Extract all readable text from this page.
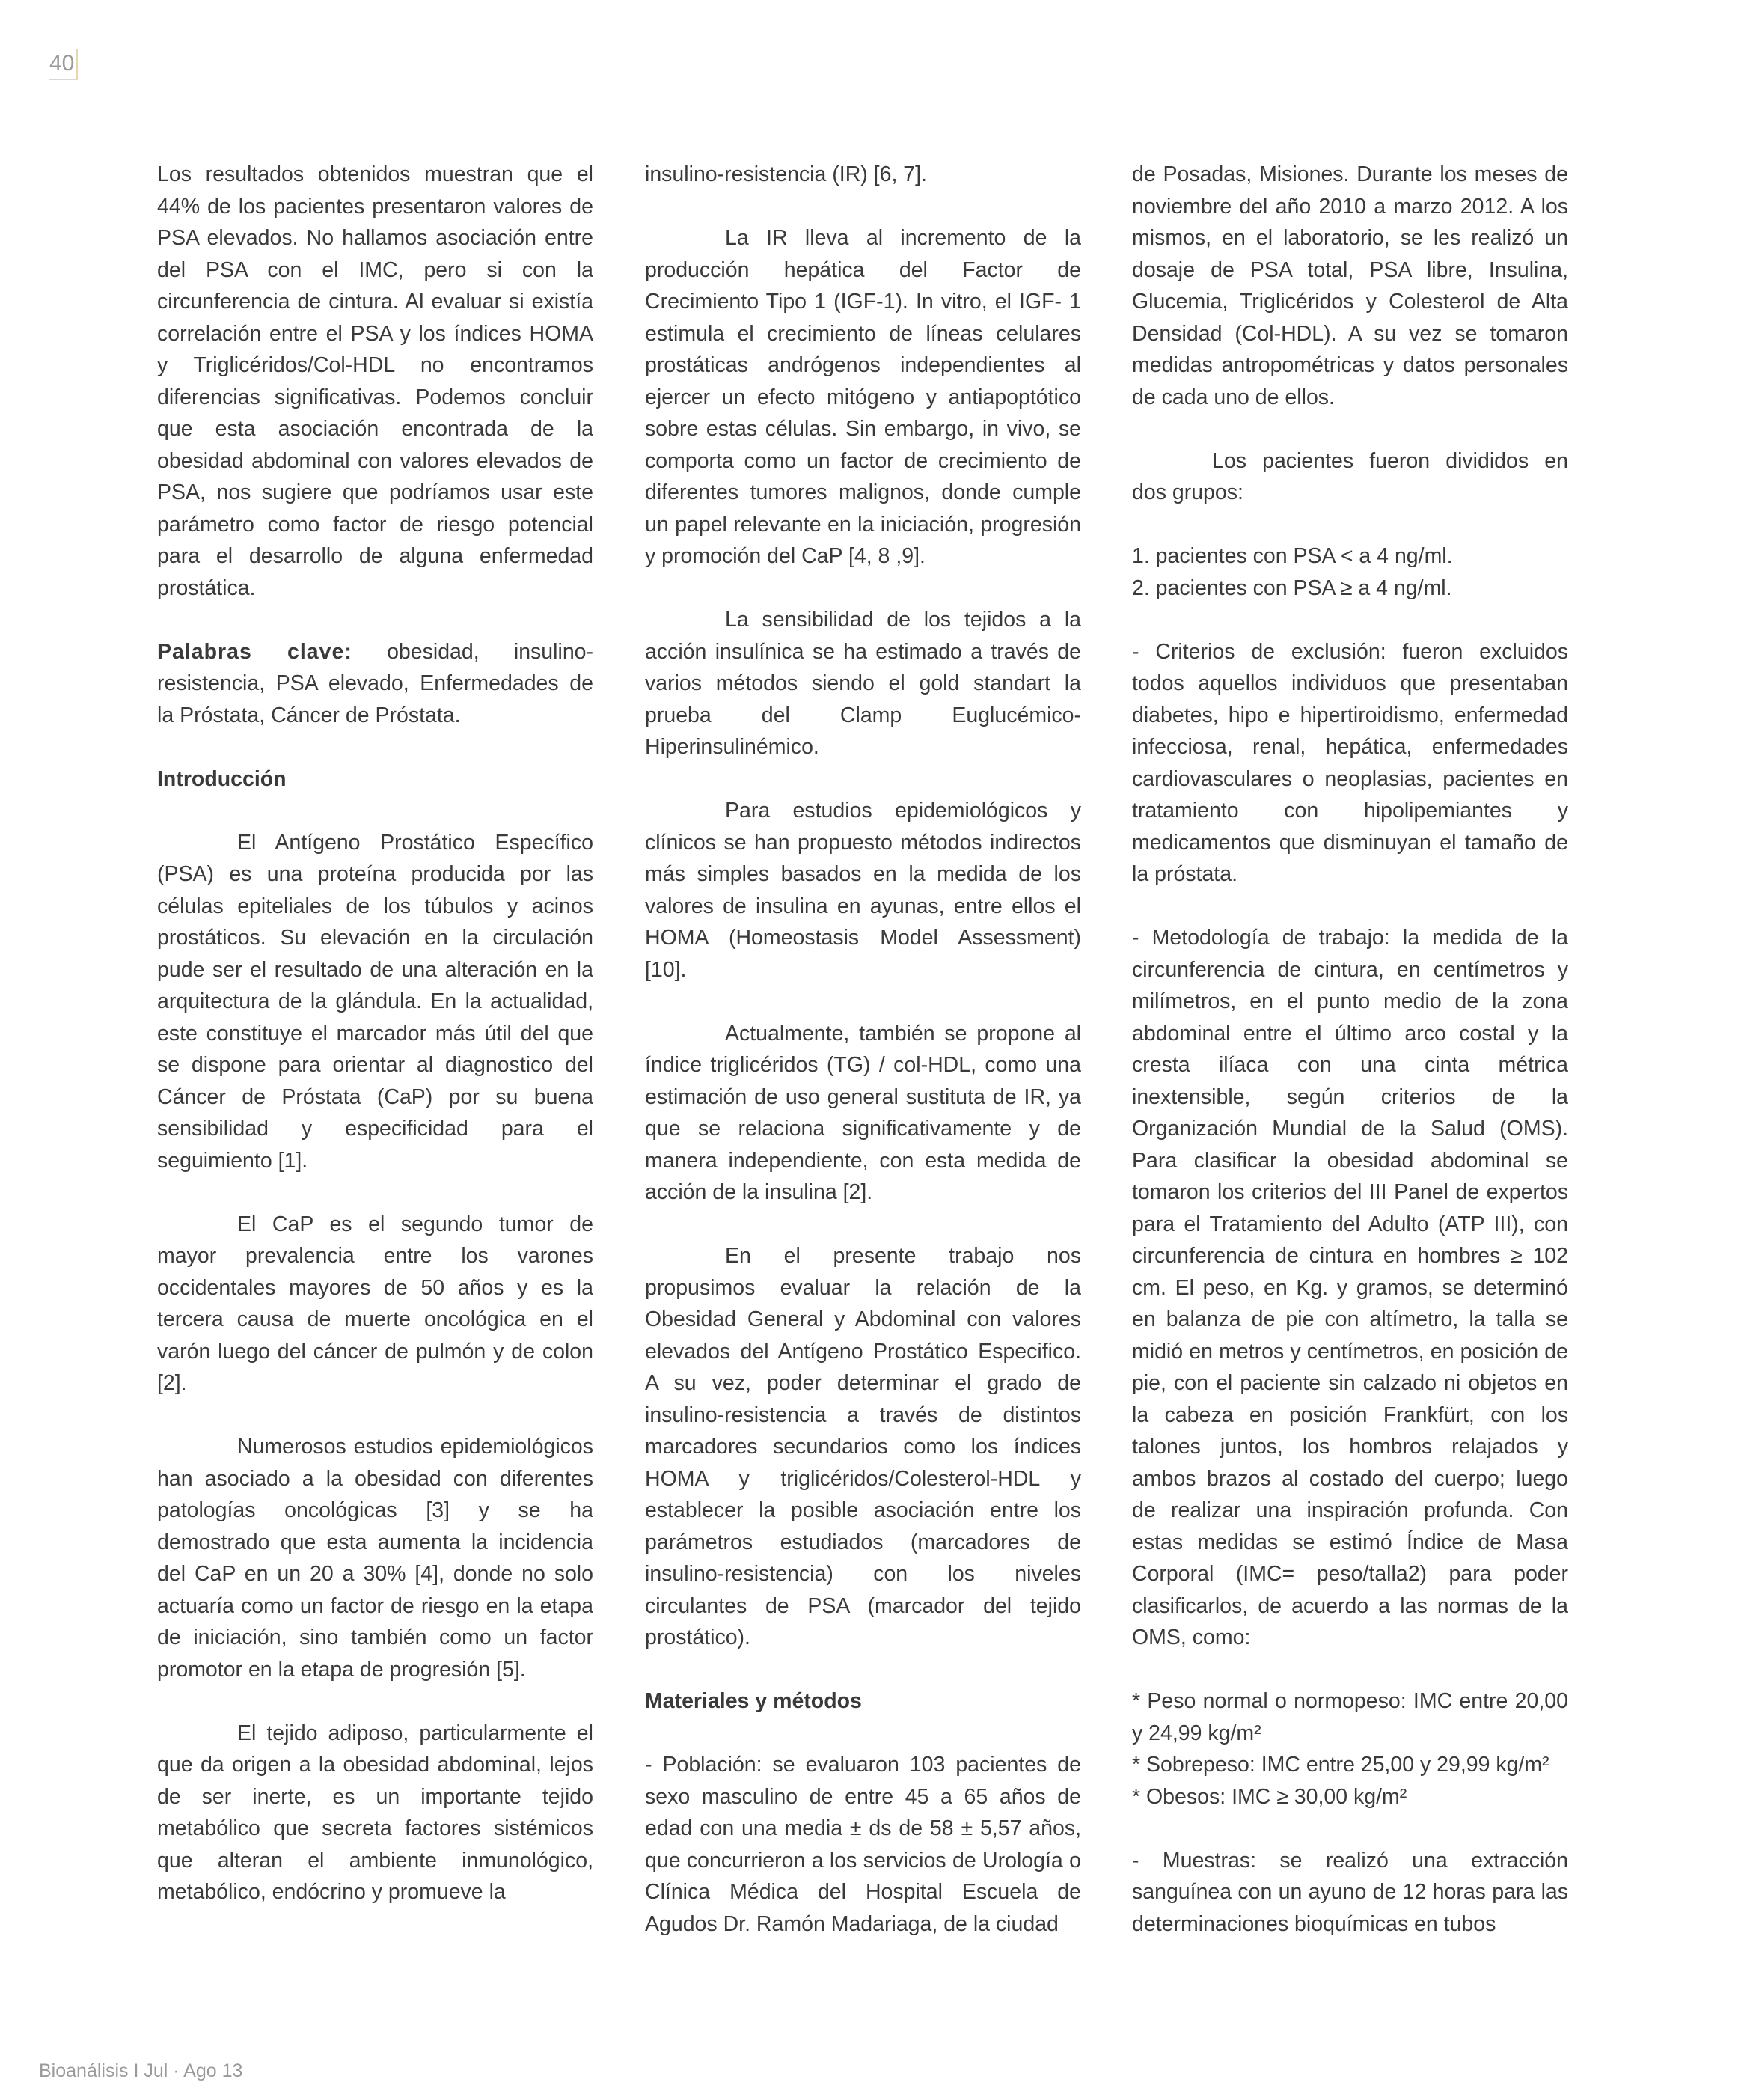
40

Los resultados obtenidos muestran que el 44% de los pacientes presentaron valores de PSA elevados. No hallamos asociación entre del PSA con el IMC, pero si con la circunferencia de cintura. Al evaluar si existía correlación entre el PSA y los índices HOMA y Triglicéridos/Col-HDL no encontramos diferencias significativas. Podemos concluir que esta asociación encontrada de la obesidad abdominal con valores elevados de PSA, nos sugiere que podríamos usar este parámetro como factor de riesgo potencial para el desarrollo de alguna enfermedad prostática.

Palabras clave: obesidad, insulino-resistencia, PSA elevado, Enfermedades de la Próstata, Cáncer de Próstata.

Introducción

El Antígeno Prostático Específico (PSA) es una proteína producida por las células epiteliales de los túbulos y acinos prostáticos. Su elevación en la circulación pude ser el resultado de una alteración en la arquitectura de la glándula. En la actualidad, este constituye el marcador más útil del que se dispone para orientar al diagnostico del Cáncer de Próstata (CaP) por su buena sensibilidad y especificidad para el seguimiento [1].

El CaP es el segundo tumor de mayor prevalencia entre los varones occidentales mayores de 50 años y es la tercera causa de muerte oncológica en el varón luego del cáncer de pulmón y de colon [2].

Numerosos estudios epidemiológicos han asociado a la obesidad con diferentes patologías oncológicas [3] y se ha demostrado que esta aumenta la incidencia del CaP en un 20 a 30% [4], donde no solo actuaría como un factor de riesgo en la etapa de iniciación, sino también como un factor promotor en la etapa de progresión [5].

El tejido adiposo, particularmente el que da origen a la obesidad abdominal, lejos de ser inerte, es un importante tejido metabólico que secreta factores sistémicos que alteran el ambiente inmunológico, metabólico, endócrino y promueve la

insulino-resistencia (IR) [6, 7].

La IR lleva al incremento de la producción hepática del Factor de Crecimiento Tipo 1 (IGF-1). In vitro, el IGF- 1 estimula el crecimiento de líneas celulares prostáticas andrógenos independientes al ejercer un efecto mitógeno y antiapoptótico sobre estas células. Sin embargo, in vivo, se comporta como un factor de crecimiento de diferentes tumores malignos, donde cumple un papel relevante en la iniciación, progresión y promoción del CaP [4, 8 ,9].

La sensibilidad de los tejidos a la acción insulínica se ha estimado a través de varios métodos siendo el gold standart la prueba del Clamp Euglucémico-Hiperinsulinémico.

Para estudios epidemiológicos y clínicos se han propuesto métodos indirectos más simples basados en la medida de los valores de insulina en ayunas, entre ellos el HOMA (Homeostasis Model Assessment) [10].

Actualmente, también se propone al índice triglicéridos (TG) / col-HDL, como una estimación de uso general sustituta de IR, ya que se relaciona significativamente y de manera independiente, con esta medida de acción de la insulina [2].

En el presente trabajo nos propusimos evaluar la relación de la Obesidad General y Abdominal con valores elevados del Antígeno Prostático Especifico. A su vez, poder determinar el grado de insulino-resistencia a través de distintos marcadores secundarios como los índices HOMA y triglicéridos/Colesterol-HDL y establecer la posible asociación entre los parámetros estudiados (marcadores de insulino-resistencia) con los niveles circulantes de PSA (marcador del tejido prostático).

Materiales y métodos

- Población: se evaluaron 103 pacientes de sexo masculino de entre 45 a 65 años de edad con una media ± ds de 58 ± 5,57 años, que concurrieron a los servicios de Urología o Clínica Médica del Hospital Escuela de Agudos Dr. Ramón Madariaga, de la ciudad

de Posadas, Misiones. Durante los meses de noviembre del año 2010 a marzo 2012. A los mismos, en el laboratorio, se les realizó un dosaje de PSA total, PSA libre, Insulina, Glucemia, Triglicéridos y Colesterol de Alta Densidad (Col-HDL). A su vez se tomaron medidas antropométricas y datos personales de cada uno de ellos.

Los pacientes fueron divididos en dos grupos:

1. pacientes con PSA < a 4 ng/ml.

2. pacientes con PSA ≥ a 4 ng/ml.

- Criterios de exclusión: fueron excluidos todos aquellos individuos que presentaban diabetes, hipo e hipertiroidismo, enfermedad infecciosa, renal, hepática, enfermedades cardiovasculares o neoplasias, pacientes en tratamiento con hipolipemiantes y medicamentos que disminuyan el tamaño de la próstata.

- Metodología de trabajo: la medida de la circunferencia de cintura, en centímetros y milímetros, en el punto medio de la zona abdominal entre el último arco costal y la cresta ilíaca con una cinta métrica inextensible, según criterios de la Organización Mundial de la Salud (OMS). Para clasificar la obesidad abdominal se tomaron los criterios del III Panel de expertos para el Tratamiento del Adulto (ATP III), con circunferencia de cintura en hombres ≥ 102 cm. El peso, en Kg. y gramos, se determinó en balanza de pie con altímetro, la talla se midió en metros y centímetros, en posición de pie, con el paciente sin calzado ni objetos en la cabeza en posición Frankfürt, con los talones juntos, los hombros relajados y ambos brazos al costado del cuerpo; luego de realizar una inspiración profunda. Con estas medidas se estimó Índice de Masa Corporal (IMC= peso/talla2) para poder clasificarlos, de acuerdo a las normas de la OMS, como:

* Peso normal o normopeso: IMC entre 20,00 y 24,99 kg/m²

* Sobrepeso: IMC entre 25,00 y 29,99 kg/m²

* Obesos: IMC ≥ 30,00 kg/m²

- Muestras: se realizó una extracción sanguínea con un ayuno de 12 horas para las determinaciones bioquímicas en tubos

Bioanálisis I Jul · Ago 13
